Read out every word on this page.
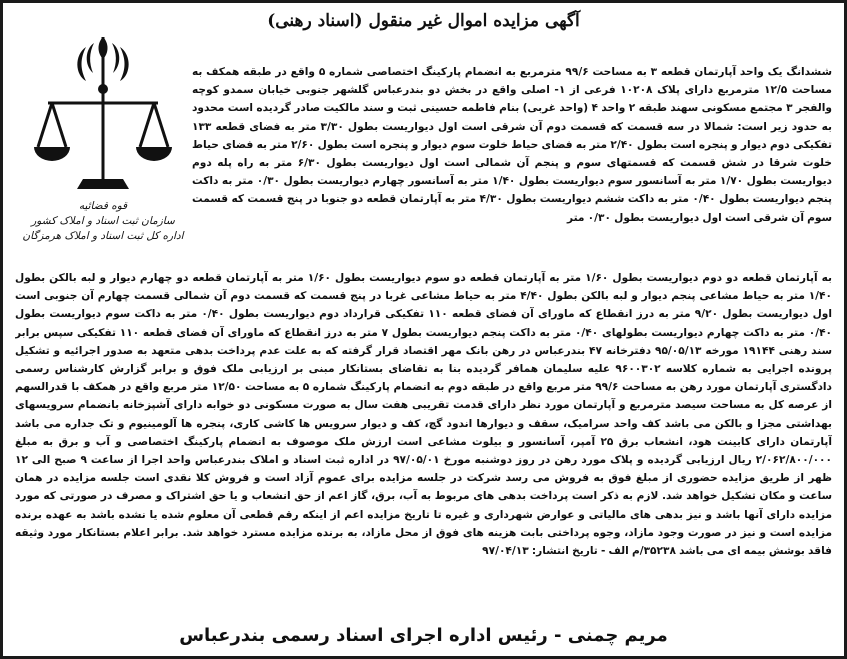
آگهی مزایده اموال غیر منقول (اسناد رهنی)
قوه قضائیه
سازمان ثبت اسناد و املاک کشور
اداره کل ثبت اسناد و املاک هرمزگان
ششدانگ یک واحد آپارتمان قطعه ۳ به مساحت ۹۹/۶ مترمربع به انضمام پارکینگ اختصاصی شماره ۵ واقع در طبقه همکف به مساحت ۱۲/۵ مترمربع دارای پلاک ۱۰۲۰۸ فرعی از ۱- اصلی واقع در بخش دو بندرعباس گلشهر جنوبی خیابان سمدو کوچه والفجر ۳ مجتمع مسکونی سهند طبقه ۲ واحد ۴ (واحد غربی) بنام فاطمه حسینی ثبت و سند مالکیت صادر گردیده است محدود به حدود زیر است: شمالا در سه قسمت که قسمت دوم آن شرقی است اول دیواریست بطول ۳/۳۰ متر به فضای قطعه ۱۳۳ تفکیکی دوم دیوار و پنجره است بطول ۲/۴۰ متر به فضای حیاط خلوت سوم دیوار و پنجره است بطول ۲/۶۰ متر به فضای حیاط خلوت شرقا در شش قسمت که قسمتهای سوم و پنجم آن شمالی است اول دیواریست بطول ۶/۳۰ متر به راه پله دوم دیواریست بطول ۱/۷۰ متر به آسانسور سوم دیواریست بطول ۱/۴۰ متر به آسانسور چهارم دیواریست بطول ۰/۳۰ متر به داکت پنجم دیواریست بطول ۰/۴۰ متر به داکت ششم دیواریست بطول ۴/۳۰ متر به آپارتمان قطعه دو جنوبا در پنج قسمت که قسمت سوم آن شرقی است اول دیواریست بطول ۰/۳۰ متر
به آپارتمان قطعه دو دوم دیواریست بطول ۱/۶۰ متر به آپارتمان قطعه دو سوم دیواریست بطول ۱/۶۰ متر به آپارتمان قطعه دو چهارم دیوار و لبه بالکن بطول ۱/۴۰ متر به حیاط مشاعی پنجم دیوار و لبه بالکن بطول ۴/۴۰ متر به حیاط مشاعی غربا در پنج قسمت که قسمت دوم آن شمالی قسمت چهارم آن جنوبی است اول دیواریست بطول ۹/۲۰ متر به درز انقطاع که ماورای آن فضای قطعه ۱۱۰ تفکیکی قرارداد دوم دیواریست بطول ۰/۴۰ متر به داکت سوم دیواریست بطول ۰/۴۰ متر به داکت چهارم دیواریست بطولهای ۰/۴۰ متر به داکت پنجم دیواریست بطول ۷ متر به درز انقطاع که ماورای آن فضای قطعه ۱۱۰ تفکیکی سپس برابر سند رهنی ۱۹۱۴۴ مورخه ۹۵/۰۵/۱۳ دفترخانه ۴۷ بندرعباس در رهن بانک مهر اقتصاد قرار گرفته که به علت عدم پرداخت بدهی متعهد به صدور اجرائیه و تشکیل پرونده اجرایی به شماره کلاسه ۹۶۰۰۳۰۲ علیه سلیمان همافر گردیده بنا به تقاضای بستانکار مبنی بر ارزیابی ملک فوق و برابر گزارش کارشناس رسمی دادگستری آپارتمان مورد رهن به مساحت ۹۹/۶ متر مربع واقع در طبقه دوم به انضمام پارکینگ شماره ۵ به مساحت ۱۲/۵۰ متر مربع واقع در همکف با قدرالسهم از عرصه کل به مساحت سیصد مترمربع و آپارتمان مورد نظر دارای قدمت تقریبی هفت سال به صورت مسکونی دو خوابه دارای آشپزخانه بانضمام سرویسهای بهداشتی مجزا و بالکن می باشد کف واحد سرامیک، سقف و دیوارها اندود گچ، کف و دیوار سرویس ها کاشی کاری، پنجره ها آلومینیوم و تک جداره می باشد آپارتمان دارای کابینت هود، انشعاب برق ۲۵ آمپر، آسانسور و بیلوت مشاعی است ارزش ملک موصوف به انضمام پارکینگ اختصاصی و آب و برق به مبلغ ۲/۰۶۲/۸۰۰/۰۰۰ ریال ارزیابی گردیده و پلاک مورد رهن در روز دوشنبه مورخ ۹۷/۰۵/۰۱ در اداره ثبت اسناد و املاک بندرعباس واحد اجرا از ساعت ۹ صبح الی ۱۲ ظهر از طریق مزایده حضوری از مبلغ فوق به فروش می رسد شرکت در جلسه مزایده برای عموم آزاد است و فروش کلا نقدی است جلسه مزایده در همان ساعت و مکان تشکیل خواهد شد. لازم به ذکر است پرداخت بدهی های مربوط به آب، برق، گاز اعم از حق انشعاب و یا حق اشتراک و مصرف در صورتی که مورد مزایده دارای آنها باشد و نیز بدهی های مالیاتی و عوارض شهرداری و غیره تا تاریخ مزایده اعم از اینکه رقم قطعی آن معلوم شده یا نشده باشد به عهده برنده مزایده است و نیز در صورت وجود مازاد، وجوه پرداختی بابت هزینه های فوق از محل مازاد، به برنده مزایده مسترد خواهد شد. برابر اعلام بستانکار مورد وثیقه فاقد بوشش بیمه ای می باشد ۳۵۲۳۸/م الف - تاریخ انتشار: ۹۷/۰۴/۱۳
مریم چمنی - رئیس اداره اجرای اسناد رسمی بندرعباس
